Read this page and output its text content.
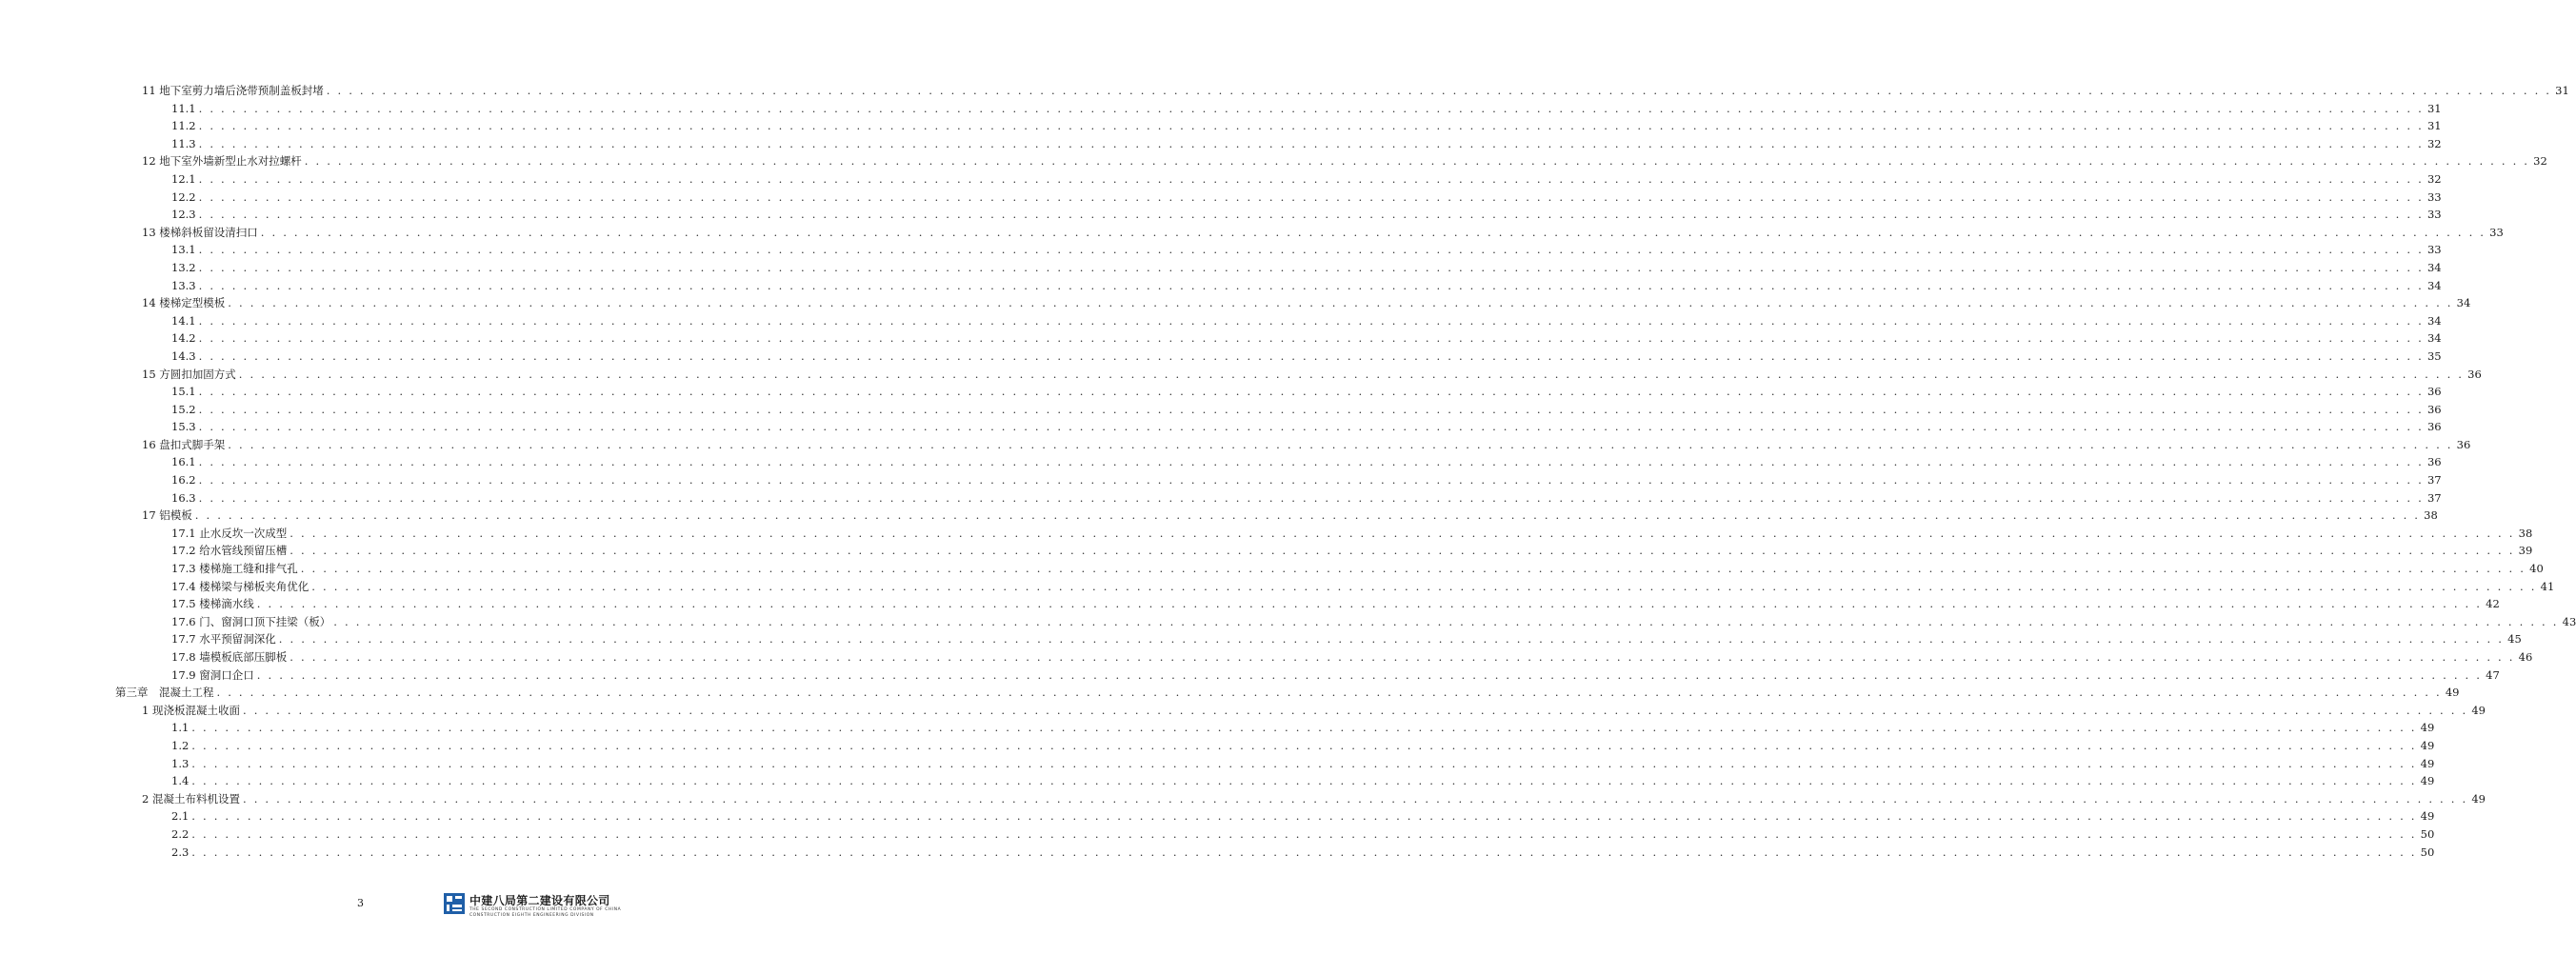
11 地下室剪力墙后浇带预制盖板封堵 . . . . . . . . . . . . . . . . . . . . . . . . . . . . . . . . . . . . . . . . . . . . . . . . . . . . . . . . . . . . . . . . . . . . . . . . . . . . . . . . . . . . . . . . . . . . . . . . . . . . . . . . . . . . . . . . . . . . . . . . . . . . . . . . . . . . . . . . . . . . . . . . . . . . . . . . . . . . . . . . . . . . . . . . . . . . . . . . . . . . . . . . . . . . . . . . . . . . . . . . 31
11.1 . . . . . . . . . . . . . . . . . . . . . . . . . . . . . . . . . . . . . . . . . . . . . . . . . . . . . . . . . . . . . . . . . . . . . . . . . . . . . . . . . . . . . . . . . . . . . . . . . . . . . . . . . . . . . . . . . . . . . . . . . . . . . . . . . . . . . . . . . . . . . . . . . . . . . . . . . . . . . . . . . . . . . . . . . . . . . . . . . . . . . . . . . . . . . . . . . . . . . . . . 31
11.2 . . . . . . . . . . . . . . . . . . . . . . . . . . . . . . . . . . . . . . . . . . . . . . . . . . . . . . . . . . . . . . . . . . . . . . . . . . . . . . . . . . . . . . . . . . . . . . . . . . . . . . . . . . . . . . . . . . . . . . . . . . . . . . . . . . . . . . . . . . . . . . . . . . . . . . . . . . . . . . . . . . . . . . . . . . . . . . . . . . . . . . . . . . . . . . . . . . . . . . . . 31
11.3 . . . . . . . . . . . . . . . . . . . . . . . . . . . . . . . . . . . . . . . . . . . . . . . . . . . . . . . . . . . . . . . . . . . . . . . . . . . . . . . . . . . . . . . . . . . . . . . . . . . . . . . . . . . . . . . . . . . . . . . . . . . . . . . . . . . . . . . . . . . . . . . . . . . . . . . . . . . . . . . . . . . . . . . . . . . . . . . . . . . . . . . . . . . . . . . . . . . . . . . . 32
12 地下室外墙新型止水对拉螺杆 . . . . . . . . . . . . . . . . . . . . . . . . . . . . . . . . . . . . . . . . . . . . . . . . . . . . . . . . . . . . . . . . . . . . . . . . . . . . . . . . . . . . . . . . . . . . . . . . . . . . . . . . . . . . . . . . . . . . . . . . . . . . . . . . . . . . . . . . . . . . . . . . . . . . . . . . . . . . . . . . . . . . . . . . . . . . . . . . . . . . . . . . . . . . . . . . . . . . . . . . 32
12.1 . . . . . . . . . . . . . . . . . . . . . . . . . . . . . . . . . . . . . . . . . . . . . . . . . . . . . . . . . . . . . . . . . . . . . . . . . . . . . . . . . . . . . . . . . . . . . . . . . . . . . . . . . . . . . . . . . . . . . . . . . . . . . . . . . . . . . . . . . . . . . . . . . . . . . . . . . . . . . . . . . . . . . . . . . . . . . . . . . . . . . . . . . . . . . . . . . . . . . . . . 32
12.2 . . . . . . . . . . . . . . . . . . . . . . . . . . . . . . . . . . . . . . . . . . . . . . . . . . . . . . . . . . . . . . . . . . . . . . . . . . . . . . . . . . . . . . . . . . . . . . . . . . . . . . . . . . . . . . . . . . . . . . . . . . . . . . . . . . . . . . . . . . . . . . . . . . . . . . . . . . . . . . . . . . . . . . . . . . . . . . . . . . . . . . . . . . . . . . . . . . . . . . . . 33
12.3 . . . . . . . . . . . . . . . . . . . . . . . . . . . . . . . . . . . . . . . . . . . . . . . . . . . . . . . . . . . . . . . . . . . . . . . . . . . . . . . . . . . . . . . . . . . . . . . . . . . . . . . . . . . . . . . . . . . . . . . . . . . . . . . . . . . . . . . . . . . . . . . . . . . . . . . . . . . . . . . . . . . . . . . . . . . . . . . . . . . . . . . . . . . . . . . . . . . . . . . . 33
13 楼梯斜板留设清扫口 . . . . . . . . . . . . . . . . . . . . . . . . . . . . . . . . . . . . . . . . . . . . . . . . . . . . . . . . . . . . . . . . . . . . . . . . . . . . . . . . . . . . . . . . . . . . . . . . . . . . . . . . . . . . . . . . . . . . . . . . . . . . . . . . . . . . . . . . . . . . . . . . . . . . . . . . . . . . . . . . . . . . . . . . . . . . . . . . . . . . . . . . . . . . . . . . . . . . . . . . 33
13.1 . . . . . . . . . . . . . . . . . . . . . . . . . . . . . . . . . . . . . . . . . . . . . . . . . . . . . . . . . . . . . . . . . . . . . . . . . . . . . . . . . . . . . . . . . . . . . . . . . . . . . . . . . . . . . . . . . . . . . . . . . . . . . . . . . . . . . . . . . . . . . . . . . . . . . . . . . . . . . . . . . . . . . . . . . . . . . . . . . . . . . . . . . . . . . . . . . . . . . . . . 33
13.2 . . . . . . . . . . . . . . . . . . . . . . . . . . . . . . . . . . . . . . . . . . . . . . . . . . . . . . . . . . . . . . . . . . . . . . . . . . . . . . . . . . . . . . . . . . . . . . . . . . . . . . . . . . . . . . . . . . . . . . . . . . . . . . . . . . . . . . . . . . . . . . . . . . . . . . . . . . . . . . . . . . . . . . . . . . . . . . . . . . . . . . . . . . . . . . . . . . . . . . . . 34
13.3 . . . . . . . . . . . . . . . . . . . . . . . . . . . . . . . . . . . . . . . . . . . . . . . . . . . . . . . . . . . . . . . . . . . . . . . . . . . . . . . . . . . . . . . . . . . . . . . . . . . . . . . . . . . . . . . . . . . . . . . . . . . . . . . . . . . . . . . . . . . . . . . . . . . . . . . . . . . . . . . . . . . . . . . . . . . . . . . . . . . . . . . . . . . . . . . . . . . . . . . . 34
14 楼梯定型模板 . . . . . . . . . . . . . . . . . . . . . . . . . . . . . . . . . . . . . . . . . . . . . . . . . . . . . . . . . . . . . . . . . . . . . . . . . . . . . . . . . . . . . . . . . . . . . . . . . . . . . . . . . . . . . . . . . . . . . . . . . . . . . . . . . . . . . . . . . . . . . . . . . . . . . . . . . . . . . . . . . . . . . . . . . . . . . . . . . . . . . . . . . . . . . . . . . . . . . . . . 34
14.1 . . . . . . . . . . . . . . . . . . . . . . . . . . . . . . . . . . . . . . . . . . . . . . . . . . . . . . . . . . . . . . . . . . . . . . . . . . . . . . . . . . . . . . . . . . . . . . . . . . . . . . . . . . . . . . . . . . . . . . . . . . . . . . . . . . . . . . . . . . . . . . . . . . . . . . . . . . . . . . . . . . . . . . . . . . . . . . . . . . . . . . . . . . . . . . . . . . . . . . . . 34
14.2 . . . . . . . . . . . . . . . . . . . . . . . . . . . . . . . . . . . . . . . . . . . . . . . . . . . . . . . . . . . . . . . . . . . . . . . . . . . . . . . . . . . . . . . . . . . . . . . . . . . . . . . . . . . . . . . . . . . . . . . . . . . . . . . . . . . . . . . . . . . . . . . . . . . . . . . . . . . . . . . . . . . . . . . . . . . . . . . . . . . . . . . . . . . . . . . . . . . . . . . . 34
14.3 . . . . . . . . . . . . . . . . . . . . . . . . . . . . . . . . . . . . . . . . . . . . . . . . . . . . . . . . . . . . . . . . . . . . . . . . . . . . . . . . . . . . . . . . . . . . . . . . . . . . . . . . . . . . . . . . . . . . . . . . . . . . . . . . . . . . . . . . . . . . . . . . . . . . . . . . . . . . . . . . . . . . . . . . . . . . . . . . . . . . . . . . . . . . . . . . . . . . . . . . 35
15 方圆扣加固方式 . . . . . . . . . . . . . . . . . . . . . . . . . . . . . . . . . . . . . . . . . . . . . . . . . . . . . . . . . . . . . . . . . . . . . . . . . . . . . . . . . . . . . . . . . . . . . . . . . . . . . . . . . . . . . . . . . . . . . . . . . . . . . . . . . . . . . . . . . . . . . . . . . . . . . . . . . . . . . . . . . . . . . . . . . . . . . . . . . . . . . . . . . . . . . . . . . . . . . . . . 36
15.1 . . . . . . . . . . . . . . . . . . . . . . . . . . . . . . . . . . . . . . . . . . . . . . . . . . . . . . . . . . . . . . . . . . . . . . . . . . . . . . . . . . . . . . . . . . . . . . . . . . . . . . . . . . . . . . . . . . . . . . . . . . . . . . . . . . . . . . . . . . . . . . . . . . . . . . . . . . . . . . . . . . . . . . . . . . . . . . . . . . . . . . . . . . . . . . . . . . . . . . . . 36
15.2 . . . . . . . . . . . . . . . . . . . . . . . . . . . . . . . . . . . . . . . . . . . . . . . . . . . . . . . . . . . . . . . . . . . . . . . . . . . . . . . . . . . . . . . . . . . . . . . . . . . . . . . . . . . . . . . . . . . . . . . . . . . . . . . . . . . . . . . . . . . . . . . . . . . . . . . . . . . . . . . . . . . . . . . . . . . . . . . . . . . . . . . . . . . . . . . . . . . . . . . . 36
15.3 . . . . . . . . . . . . . . . . . . . . . . . . . . . . . . . . . . . . . . . . . . . . . . . . . . . . . . . . . . . . . . . . . . . . . . . . . . . . . . . . . . . . . . . . . . . . . . . . . . . . . . . . . . . . . . . . . . . . . . . . . . . . . . . . . . . . . . . . . . . . . . . . . . . . . . . . . . . . . . . . . . . . . . . . . . . . . . . . . . . . . . . . . . . . . . . . . . . . . . . . 36
16 盘扣式脚手架 . . . . . . . . . . . . . . . . . . . . . . . . . . . . . . . . . . . . . . . . . . . . . . . . . . . . . . . . . . . . . . . . . . . . . . . . . . . . . . . . . . . . . . . . . . . . . . . . . . . . . . . . . . . . . . . . . . . . . . . . . . . . . . . . . . . . . . . . . . . . . . . . . . . . . . . . . . . . . . . . . . . . . . . . . . . . . . . . . . . . . . . . . . . . . . . . . . . . . . . . 36
16.1 . . . . . . . . . . . . . . . . . . . . . . . . . . . . . . . . . . . . . . . . . . . . . . . . . . . . . . . . . . . . . . . . . . . . . . . . . . . . . . . . . . . . . . . . . . . . . . . . . . . . . . . . . . . . . . . . . . . . . . . . . . . . . . . . . . . . . . . . . . . . . . . . . . . . . . . . . . . . . . . . . . . . . . . . . . . . . . . . . . . . . . . . . . . . . . . . . . . . . . . . 36
16.2 . . . . . . . . . . . . . . . . . . . . . . . . . . . . . . . . . . . . . . . . . . . . . . . . . . . . . . . . . . . . . . . . . . . . . . . . . . . . . . . . . . . . . . . . . . . . . . . . . . . . . . . . . . . . . . . . . . . . . . . . . . . . . . . . . . . . . . . . . . . . . . . . . . . . . . . . . . . . . . . . . . . . . . . . . . . . . . . . . . . . . . . . . . . . . . . . . . . . . . . . 37
16.3 . . . . . . . . . . . . . . . . . . . . . . . . . . . . . . . . . . . . . . . . . . . . . . . . . . . . . . . . . . . . . . . . . . . . . . . . . . . . . . . . . . . . . . . . . . . . . . . . . . . . . . . . . . . . . . . . . . . . . . . . . . . . . . . . . . . . . . . . . . . . . . . . . . . . . . . . . . . . . . . . . . . . . . . . . . . . . . . . . . . . . . . . . . . . . . . . . . . . . . . . 37
17 铝模板 . . . . . . . . . . . . . . . . . . . . . . . . . . . . . . . . . . . . . . . . . . . . . . . . . . . . . . . . . . . . . . . . . . . . . . . . . . . . . . . . . . . . . . . . . . . . . . . . . . . . . . . . . . . . . . . . . . . . . . . . . . . . . . . . . . . . . . . . . . . . . . . . . . . . . . . . . . . . . . . . . . . . . . . . . . . . . . . . . . . . . . . . . . . . . . . . . . . . . . . . 38
17.1 止水反坎一次成型 . . . . . . . . . . . . . . . . . . . . . . . . . . . . . . . . . . . . . . . . . . . . . . . . . . . . . . . . . . . . . . . . . . . . . . . . . . . . . . . . . . . . . . . . . . . . . . . . . . . . . . . . . . . . . . . . . . . . . . . . . . . . . . . . . . . . . . . . . . . . . . . . . . . . . . . . . . . . . . . . . . . . . . . . . . . . . . . . . . . . . . . . . . . . . . . . . . . . . . . . 38
17.2 给水管线预留压槽 . . . . . . . . . . . . . . . . . . . . . . . . . . . . . . . . . . . . . . . . . . . . . . . . . . . . . . . . . . . . . . . . . . . . . . . . . . . . . . . . . . . . . . . . . . . . . . . . . . . . . . . . . . . . . . . . . . . . . . . . . . . . . . . . . . . . . . . . . . . . . . . . . . . . . . . . . . . . . . . . . . . . . . . . . . . . . . . . . . . . . . . . . . . . . . . . . . . . . . . . 39
17.3 楼梯施工缝和排气孔 . . . . . . . . . . . . . . . . . . . . . . . . . . . . . . . . . . . . . . . . . . . . . . . . . . . . . . . . . . . . . . . . . . . . . . . . . . . . . . . . . . . . . . . . . . . . . . . . . . . . . . . . . . . . . . . . . . . . . . . . . . . . . . . . . . . . . . . . . . . . . . . . . . . . . . . . . . . . . . . . . . . . . . . . . . . . . . . . . . . . . . . . . . . . . . . . . . . . . . . . 40
17.4 楼梯梁与梯板夹角优化 . . . . . . . . . . . . . . . . . . . . . . . . . . . . . . . . . . . . . . . . . . . . . . . . . . . . . . . . . . . . . . . . . . . . . . . . . . . . . . . . . . . . . . . . . . . . . . . . . . . . . . . . . . . . . . . . . . . . . . . . . . . . . . . . . . . . . . . . . . . . . . . . . . . . . . . . . . . . . . . . . . . . . . . . . . . . . . . . . . . . . . . . . . . . . . . . . . . . . . . . 41
17.5 楼梯滴水线 . . . . . . . . . . . . . . . . . . . . . . . . . . . . . . . . . . . . . . . . . . . . . . . . . . . . . . . . . . . . . . . . . . . . . . . . . . . . . . . . . . . . . . . . . . . . . . . . . . . . . . . . . . . . . . . . . . . . . . . . . . . . . . . . . . . . . . . . . . . . . . . . . . . . . . . . . . . . . . . . . . . . . . . . . . . . . . . . . . . . . . . . . . . . . . . . . . . . . . . . 42
17.6 门、窗洞口顶下挂梁（板） . . . . . . . . . . . . . . . . . . . . . . . . . . . . . . . . . . . . . . . . . . . . . . . . . . . . . . . . . . . . . . . . . . . . . . . . . . . . . . . . . . . . . . . . . . . . . . . . . . . . . . . . . . . . . . . . . . . . . . . . . . . . . . . . . . . . . . . . . . . . . . . . . . . . . . . . . . . . . . . . . . . . . . . . . . . . . . . . . . . . . . . . . . . . . . . . . . . . . . . . 43
17.7 水平预留洞深化 . . . . . . . . . . . . . . . . . . . . . . . . . . . . . . . . . . . . . . . . . . . . . . . . . . . . . . . . . . . . . . . . . . . . . . . . . . . . . . . . . . . . . . . . . . . . . . . . . . . . . . . . . . . . . . . . . . . . . . . . . . . . . . . . . . . . . . . . . . . . . . . . . . . . . . . . . . . . . . . . . . . . . . . . . . . . . . . . . . . . . . . . . . . . . . . . . . . . . . . . 45
17.8 墙模板底部压脚板 . . . . . . . . . . . . . . . . . . . . . . . . . . . . . . . . . . . . . . . . . . . . . . . . . . . . . . . . . . . . . . . . . . . . . . . . . . . . . . . . . . . . . . . . . . . . . . . . . . . . . . . . . . . . . . . . . . . . . . . . . . . . . . . . . . . . . . . . . . . . . . . . . . . . . . . . . . . . . . . . . . . . . . . . . . . . . . . . . . . . . . . . . . . . . . . . . . . . . . . . 46
17.9 窗洞口企口 . . . . . . . . . . . . . . . . . . . . . . . . . . . . . . . . . . . . . . . . . . . . . . . . . . . . . . . . . . . . . . . . . . . . . . . . . . . . . . . . . . . . . . . . . . . . . . . . . . . . . . . . . . . . . . . . . . . . . . . . . . . . . . . . . . . . . . . . . . . . . . . . . . . . . . . . . . . . . . . . . . . . . . . . . . . . . . . . . . . . . . . . . . . . . . . . . . . . . . . . 47
第三章　混凝土工程 . . . . . . . . . . . . . . . . . . . . . . . . . . . . . . . . . . . . . . . . . . . . . . . . . . . . . . . . . . . . . . . . . . . . . . . . . . . . . . . . . . . . . . . . . . . . . . . . . . . . . . . . . . . . . . . . . . . . . . . . . . . . . . . . . . . . . . . . . . . . . . . . . . . . . . . . . . . . . . . . . . . . . . . . . . . . . . . . . . . . . . . . . . . . . . . . . . . . . . . . 49
1 现浇板混凝土收面 . . . . . . . . . . . . . . . . . . . . . . . . . . . . . . . . . . . . . . . . . . . . . . . . . . . . . . . . . . . . . . . . . . . . . . . . . . . . . . . . . . . . . . . . . . . . . . . . . . . . . . . . . . . . . . . . . . . . . . . . . . . . . . . . . . . . . . . . . . . . . . . . . . . . . . . . . . . . . . . . . . . . . . . . . . . . . . . . . . . . . . . . . . . . . . . . . . . . . . . . 49
1.1 . . . . . . . . . . . . . . . . . . . . . . . . . . . . . . . . . . . . . . . . . . . . . . . . . . . . . . . . . . . . . . . . . . . . . . . . . . . . . . . . . . . . . . . . . . . . . . . . . . . . . . . . . . . . . . . . . . . . . . . . . . . . . . . . . . . . . . . . . . . . . . . . . . . . . . . . . . . . . . . . . . . . . . . . . . . . . . . . . . . . . . . . . . . . . . . . . . . . . . . . 49
1.2 . . . . . . . . . . . . . . . . . . . . . . . . . . . . . . . . . . . . . . . . . . . . . . . . . . . . . . . . . . . . . . . . . . . . . . . . . . . . . . . . . . . . . . . . . . . . . . . . . . . . . . . . . . . . . . . . . . . . . . . . . . . . . . . . . . . . . . . . . . . . . . . . . . . . . . . . . . . . . . . . . . . . . . . . . . . . . . . . . . . . . . . . . . . . . . . . . . . . . . . . 49
1.3 . . . . . . . . . . . . . . . . . . . . . . . . . . . . . . . . . . . . . . . . . . . . . . . . . . . . . . . . . . . . . . . . . . . . . . . . . . . . . . . . . . . . . . . . . . . . . . . . . . . . . . . . . . . . . . . . . . . . . . . . . . . . . . . . . . . . . . . . . . . . . . . . . . . . . . . . . . . . . . . . . . . . . . . . . . . . . . . . . . . . . . . . . . . . . . . . . . . . . . . . 49
1.4 . . . . . . . . . . . . . . . . . . . . . . . . . . . . . . . . . . . . . . . . . . . . . . . . . . . . . . . . . . . . . . . . . . . . . . . . . . . . . . . . . . . . . . . . . . . . . . . . . . . . . . . . . . . . . . . . . . . . . . . . . . . . . . . . . . . . . . . . . . . . . . . . . . . . . . . . . . . . . . . . . . . . . . . . . . . . . . . . . . . . . . . . . . . . . . . . . . . . . . . . 49
2 混凝土布料机设置 . . . . . . . . . . . . . . . . . . . . . . . . . . . . . . . . . . . . . . . . . . . . . . . . . . . . . . . . . . . . . . . . . . . . . . . . . . . . . . . . . . . . . . . . . . . . . . . . . . . . . . . . . . . . . . . . . . . . . . . . . . . . . . . . . . . . . . . . . . . . . . . . . . . . . . . . . . . . . . . . . . . . . . . . . . . . . . . . . . . . . . . . . . . . . . . . . . . . . . . . 49
2.1 . . . . . . . . . . . . . . . . . . . . . . . . . . . . . . . . . . . . . . . . . . . . . . . . . . . . . . . . . . . . . . . . . . . . . . . . . . . . . . . . . . . . . . . . . . . . . . . . . . . . . . . . . . . . . . . . . . . . . . . . . . . . . . . . . . . . . . . . . . . . . . . . . . . . . . . . . . . . . . . . . . . . . . . . . . . . . . . . . . . . . . . . . . . . . . . . . . . . . . . . 49
2.2 . . . . . . . . . . . . . . . . . . . . . . . . . . . . . . . . . . . . . . . . . . . . . . . . . . . . . . . . . . . . . . . . . . . . . . . . . . . . . . . . . . . . . . . . . . . . . . . . . . . . . . . . . . . . . . . . . . . . . . . . . . . . . . . . . . . . . . . . . . . . . . . . . . . . . . . . . . . . . . . . . . . . . . . . . . . . . . . . . . . . . . . . . . . . . . . . . . . . . . . . 50
2.3 . . . . . . . . . . . . . . . . . . . . . . . . . . . . . . . . . . . . . . . . . . . . . . . . . . . . . . . . . . . . . . . . . . . . . . . . . . . . . . . . . . . . . . . . . . . . . . . . . . . . . . . . . . . . . . . . . . . . . . . . . . . . . . . . . . . . . . . . . . . . . . . . . . . . . . . . . . . . . . . . . . . . . . . . . . . . . . . . . . . . . . . . . . . . . . . . . . . . . . . . 50
3	中建八局第二建设有限公司
THE SECOND CONSTRUCTION LIMITED COMPANY OF CHINA
CONSTRUCTION EIGHTH ENGINEERING DIVISION
